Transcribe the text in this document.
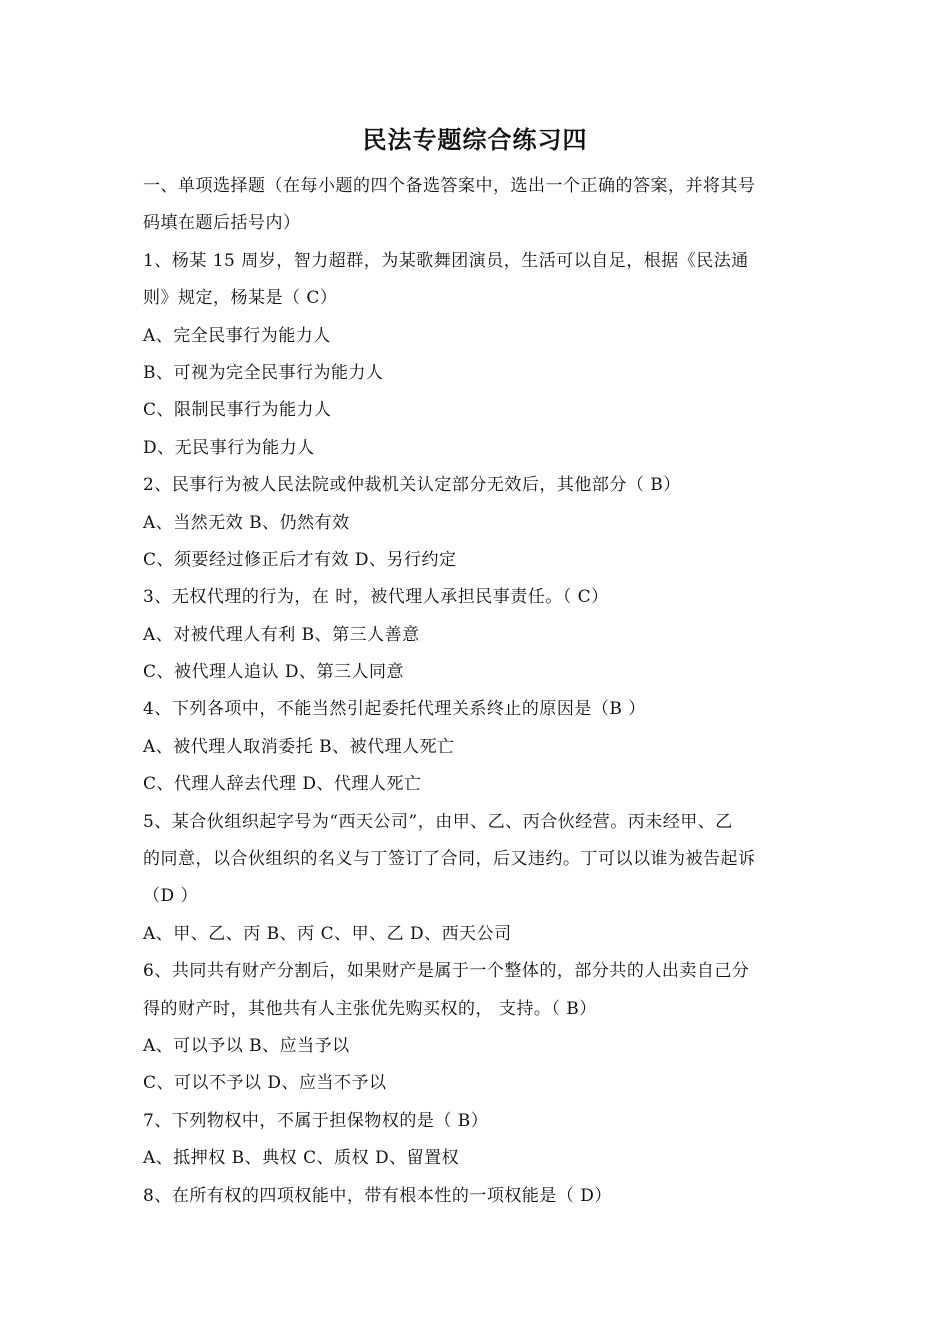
民法专题综合练习四
一、单项选择题（在每小题的四个备选答案中，选出一个正确的答案，并将其号
码填在题后括号内）
1、杨某 15 周岁，智力超群，为某歌舞团演员，生活可以自足，根据《民法通
则》规定，杨某是（ C）
A、完全民事行为能力人
B、可视为完全民事行为能力人
C、限制民事行为能力人
D、无民事行为能力人
2、民事行为被人民法院或仲裁机关认定部分无效后，其他部分（ B）
A、当然无效 B、仍然有效
C、须要经过修正后才有效 D、另行约定
3、无权代理的行为，在 时，被代理人承担民事责任。（ C）
A、对被代理人有利 B、第三人善意
C、被代理人追认 D、第三人同意
4、下列各项中，不能当然引起委托代理关系终止的原因是（B ）
A、被代理人取消委托 B、被代理人死亡
C、代理人辞去代理 D、代理人死亡
5、某合伙组织起字号为“西天公司”，由甲、乙、丙合伙经营。丙未经甲、乙
的同意，以合伙组织的名义与丁签订了合同，后又违约。丁可以以谁为被告起诉
（D ）
A、甲、乙、丙 B、丙 C、甲、乙 D、西天公司
6、共同共有财产分割后，如果财产是属于一个整体的，部分共的人出卖自己分
得的财产时，其他共有人主张优先购买权的， 支持。（ B）
A、可以予以 B、应当予以
C、可以不予以 D、应当不予以
7、下列物权中，不属于担保物权的是（ B）
A、抵押权 B、典权 C、质权 D、留置权
8、在所有权的四项权能中，带有根本性的一项权能是（ D）
